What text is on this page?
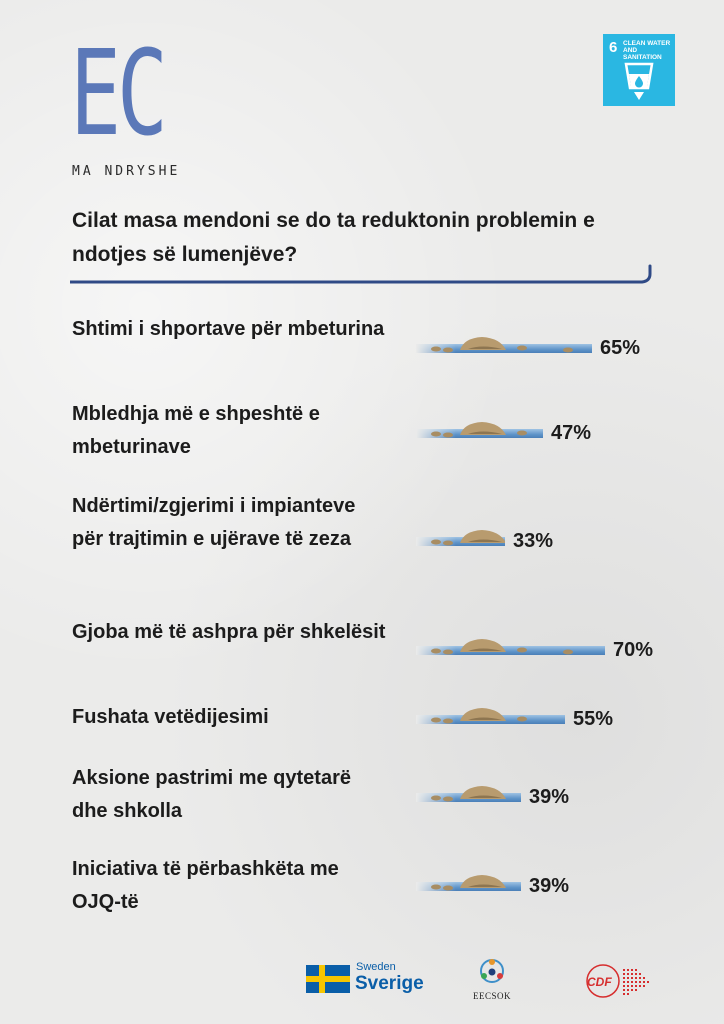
EC
MA NDRYSHE
6 CLEAN WATER AND SANITATION
Cilat masa mendoni se do ta reduktonin problemin e ndotjes së lumenjëve?
Shtimi i shportave për mbeturina
65%
Mbledhja më e shpeshtë e mbeturinave
47%
Ndërtimi/zgjerimi i impianteve për trajtimin e ujërave të zeza	33%
Gjoba më të ashpra për shkelësit
70%
Fushata vetëdijesimi	55%
Aksione pastrimi me qytetarë dhe shkolla
39%
Iniciativa të përbashkëta me OJQ-të
39%
Sweden
Sverige
EECSOK
CDF
